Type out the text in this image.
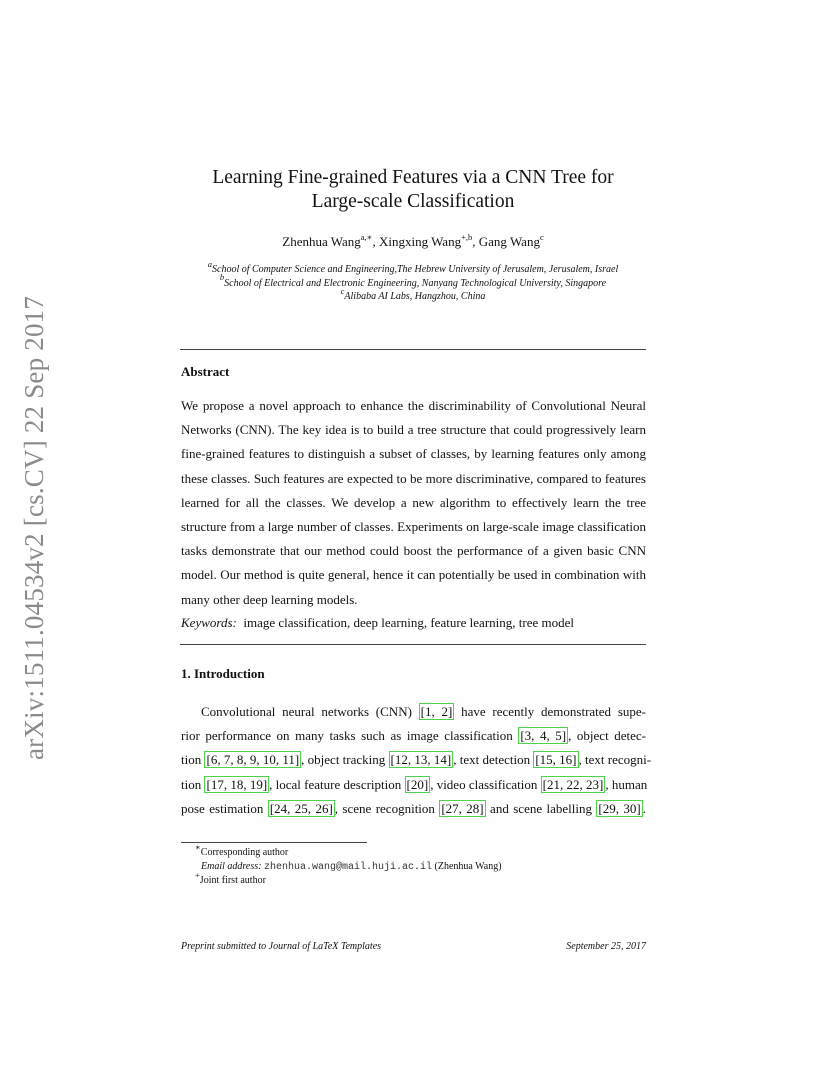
arXiv:1511.04534v2 [cs.CV] 22 Sep 2017
Learning Fine-grained Features via a CNN Tree for
Large-scale Classification
Zhenhua Wang$^{a,∗}$, Xingxing Wang$^{+,b}$, Gang Wang$^c$
$^a$School of Computer Science and Engineering,The Hebrew University of Jerusalem, Jerusalem, Israel
$^b$School of Electrical and Electronic Engineering, Nanyang Technological University, Singapore
$^c$Alibaba AI Labs, Hangzhou, China
Abstract
We propose a novel approach to enhance the discriminability of Convolutional Neural Networks (CNN). The key idea is to build a tree structure that could progressively learn fine-grained features to distinguish a subset of classes, by learning features only among these classes. Such features are expected to be more discriminative, compared to features learned for all the classes. We develop a new algorithm to effectively learn the tree structure from a large number of classes. Experiments on large-scale image classification tasks demonstrate that our method could boost the performance of a given basic CNN model. Our method is quite general, hence it can potentially be used in combination with many other deep learning models.
Keywords: image classification, deep learning, feature learning, tree model
1. Introduction
Convolutional neural networks (CNN) [1, 2] have recently demonstrated supe-
rior performance on many tasks such as image classification [3, 4, 5] , object detec-
tion [6, 7, 8, 9, 10, 11] , object tracking [12, 13, 14] , text detection [15, 16] , text recogni-
tion [17, 18, 19] , local feature description [20] , video classification [21, 22, 23] , human
pose estimation [24, 25, 26] , scene recognition [27, 28] and scene labelling [29, 30] .
∗Corresponding author
Email address: zhenhua.wang@mail.huji.ac.il (Zhenhua Wang)
+Joint first author
Preprint submitted to Journal of LaTeX Templates	September 25, 2017
